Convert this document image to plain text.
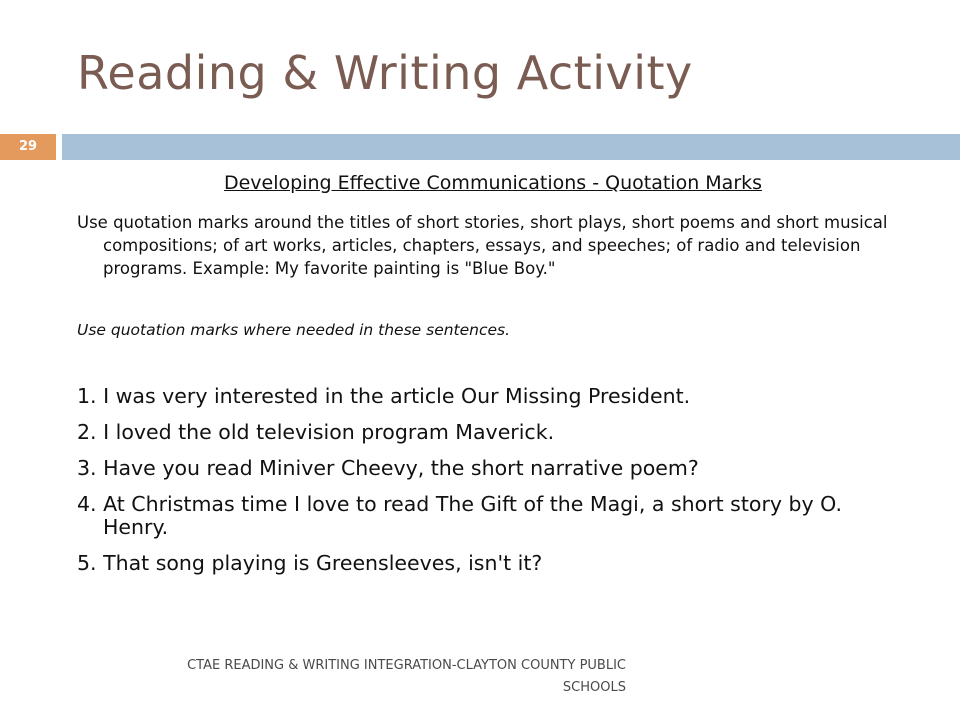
Reading & Writing Activity
29
Developing Effective Communications - Quotation Marks
Use quotation marks around the titles of short stories, short plays, short poems and short musical compositions; of art works, articles, chapters, essays, and speeches; of radio and television programs. Example: My favorite painting is "Blue Boy."
Use quotation marks where needed in these sentences.
1. I was very interested in the article Our Missing President.
2. I loved the old television program Maverick.
3. Have you read Miniver Cheevy, the short narrative poem?
4. At Christmas time I love to read The Gift of the Magi, a short story by O. Henry.
5. That song playing is Greensleeves, isn't it?
CTAE READING & WRITING INTEGRATION-CLAYTON COUNTY PUBLIC
SCHOOLS
